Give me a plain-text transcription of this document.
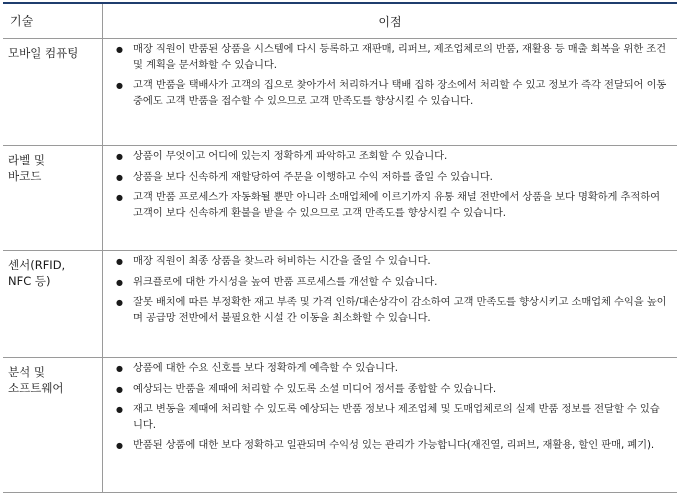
기술	이점
모바일 컴퓨팅	● 매장 직원이 반품된 상품을 시스템에 다시 등록하고 재판매, 리퍼브, 제조업체로의 반품, 재활용 등 매출 회복을 위한 조건 및 계획을 문서화할 수 있습니다.
● 고객 반품을 택배사가 고객의 집으로 찾아가서 처리하거나 택배 집하 장소에서 처리할 수 있고 정보가 즉각 전달되어 이동 중에도 고객 반품을 접수할 수 있으므로 고객 만족도를 향상시킬 수 있습니다.
라벨 및
바코드
● 상품이 무엇이고 어디에 있는지 정확하게 파악하고 조회할 수 있습니다.
● 상품을 보다 신속하게 재할당하여 주문을 이행하고 수익 저하를 줄일 수 있습니다.
● 고객 반품 프로세스가 자동화될 뿐만 아니라 소매업체에 이르기까지 유통 채널 전반에서 상품을 보다 명확하게 추적하여 고객이 보다 신속하게 환불을 받을 수 있으므로 고객 만족도를 향상시킬 수 있습니다.
센서(RFID,
NFC 등)
● 매장 직원이 최종 상품을 찾느라 허비하는 시간을 줄일 수 있습니다.
● 위크플로에 대한 가시성을 높여 반품 프로세스를 개선할 수 있습니다.
● 잘못 배치에 따른 부정확한 재고 부족 및 가격 인하/대손상각이 감소하여 고객 만족도를 향상시키고 소매업체 수익을 높이며 공급망 전반에서 불필요한 시설 간 이동을 최소화할 수 있습니다.
분석 및
소프트웨어
● 상품에 대한 수요 신호를 보다 정확하게 예측할 수 있습니다.
● 예상되는 반품을 제때에 처리할 수 있도록 소셜 미디어 정서를 종합할 수 있습니다.
● 재고 변동을 제때에 처리할 수 있도록 예상되는 반품 정보나 제조업체 및 도매업체로의 실제 반품 정보를 전달할 수 있습니다.
● 반품된 상품에 대한 보다 정확하고 일관되며 수익성 있는 관리가 가능합니다(재진열, 리퍼브, 재활용, 할인 판매, 폐기).
